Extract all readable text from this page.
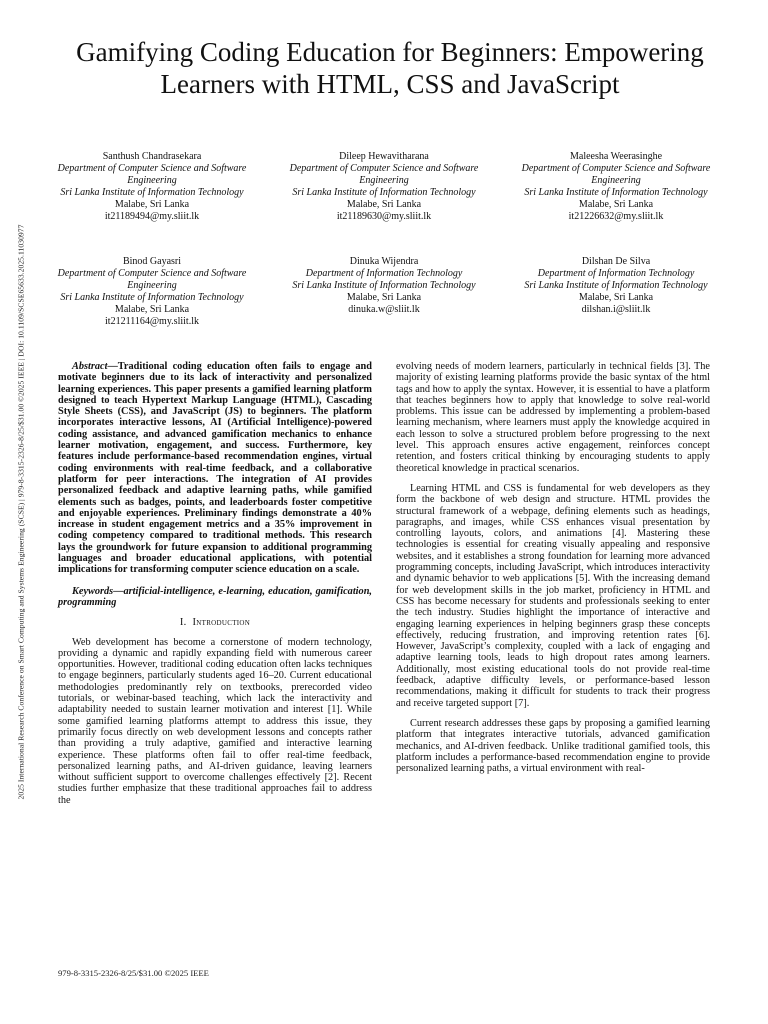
2025 International Research Conference on Smart Computing and Systems Engineering (SCSE) | 979-8-3315-2326-8/25/$31.00 ©2025 IEEE | DOI: 10.1109/SCSE65633.2025.11030977
Gamifying Coding Education for Beginners: Empowering Learners with HTML, CSS and JavaScript
Santhush Chandrasekara
Department of Computer Science and Software Engineering
Sri Lanka Institute of Information Technology
Malabe, Sri Lanka
it21189494@my.sliit.lk
Dileep Hewavitharana
Department of Computer Science and Software Engineering
Sri Lanka Institute of Information Technology
Malabe, Sri Lanka
it21189630@my.sliit.lk
Maleesha Weerasinghe
Department of Computer Science and Software Engineering
Sri Lanka Institute of Information Technology
Malabe, Sri Lanka
it21226632@my.sliit.lk
Binod Gayasri
Department of Computer Science and Software Engineering
Sri Lanka Institute of Information Technology
Malabe, Sri Lanka
it21211164@my.sliit.lk
Dinuka Wijendra
Department of Information Technology
Sri Lanka Institute of Information Technology
Malabe, Sri Lanka
dinuka.w@sliit.lk
Dilshan De Silva
Department of Information Technology
Sri Lanka Institute of Information Technology
Malabe, Sri Lanka
dilshan.i@sliit.lk

Abstract—Traditional coding education often fails to engage and motivate beginners due to its lack of interactivity and personalized learning experiences. This paper presents a gamified learning platform designed to teach Hypertext Markup Language (HTML), Cascading Style Sheets (CSS), and JavaScript (JS) to beginners. The platform incorporates interactive lessons, AI (Artificial Intelligence)-powered coding assistance, and advanced gamification mechanics to enhance learner motivation, engagement, and success. Furthermore, key features include performance-based recommendation engines, virtual coding environments with real-time feedback, and a collaborative platform for peer interactions. The integration of AI provides personalized feedback and adaptive learning paths, while gamified elements such as badges, points, and leaderboards foster competitive and enjoyable experiences. Preliminary findings demonstrate a 40% increase in student engagement metrics and a 35% improvement in coding competency compared to traditional methods. This research lays the groundwork for future expansion to additional programming languages and broader educational applications, with potential implications for transforming computer science education on a scale.

Keywords—artificial-intelligence, e-learning, education, gamification, programming

I. Introduction

Web development has become a cornerstone of modern technology, providing a dynamic and rapidly expanding field with numerous career opportunities. However, traditional coding education often lacks techniques to engage beginners, particularly students aged 16–20. Current educational methodologies predominantly rely on textbooks, prerecorded video tutorials, or webinar-based teaching, which lack the interactivity and adaptability needed to sustain learner motivation and interest [1]. While some gamified learning platforms attempt to address this issue, they primarily focus directly on web development lessons and concepts rather than providing a truly adaptive, gamified and interactive learning experience. These platforms often fail to offer real-time feedback, personalized learning paths, and AI-driven guidance, leaving learners without sufficient support to overcome challenges effectively [2]. Recent studies further emphasize that these traditional approaches fail to address the

evolving needs of modern learners, particularly in technical fields [3]. The majority of existing learning platforms provide the basic syntax of the html tags and how to apply the syntax. However, it is essential to have a platform that teaches beginners how to apply that knowledge to solve real-world problems. This issue can be addressed by implementing a problem-based learning mechanism, where learners must apply the knowledge acquired in each lesson to solve a structured problem before progressing to the next level. This approach ensures active engagement, reinforces concept retention, and fosters critical thinking by encouraging students to apply theoretical knowledge in practical scenarios.

Learning HTML and CSS is fundamental for web developers as they form the backbone of web design and structure. HTML provides the structural framework of a webpage, defining elements such as headings, paragraphs, and images, while CSS enhances visual presentation by controlling layouts, colors, and animations [4]. Mastering these technologies is essential for creating visually appealing and responsive websites, and it establishes a strong foundation for learning more advanced programming concepts, including JavaScript, which introduces interactivity and dynamic behavior to web applications [5]. With the increasing demand for web development skills in the job market, proficiency in HTML and CSS has become necessary for students and professionals seeking to enter the tech industry. Studies highlight the importance of interactive and engaging learning experiences in helping beginners grasp these concepts effectively, reducing frustration, and improving retention rates [6]. However, JavaScript’s complexity, coupled with a lack of engaging and adaptive learning tools, leads to high dropout rates among learners. Additionally, most existing educational tools do not provide real-time feedback, adaptive difficulty levels, or performance-based lesson recommendations, making it difficult for students to track their progress and receive targeted support [7].

Current research addresses these gaps by proposing a gamified learning platform that integrates interactive tutorials, advanced gamification mechanics, and AI-driven feedback. Unlike traditional gamified tools, this platform includes a performance-based recommendation engine to provide personalized learning paths, a virtual environment with real-

979-8-3315-2326-8/25/$31.00 ©2025 IEEE
